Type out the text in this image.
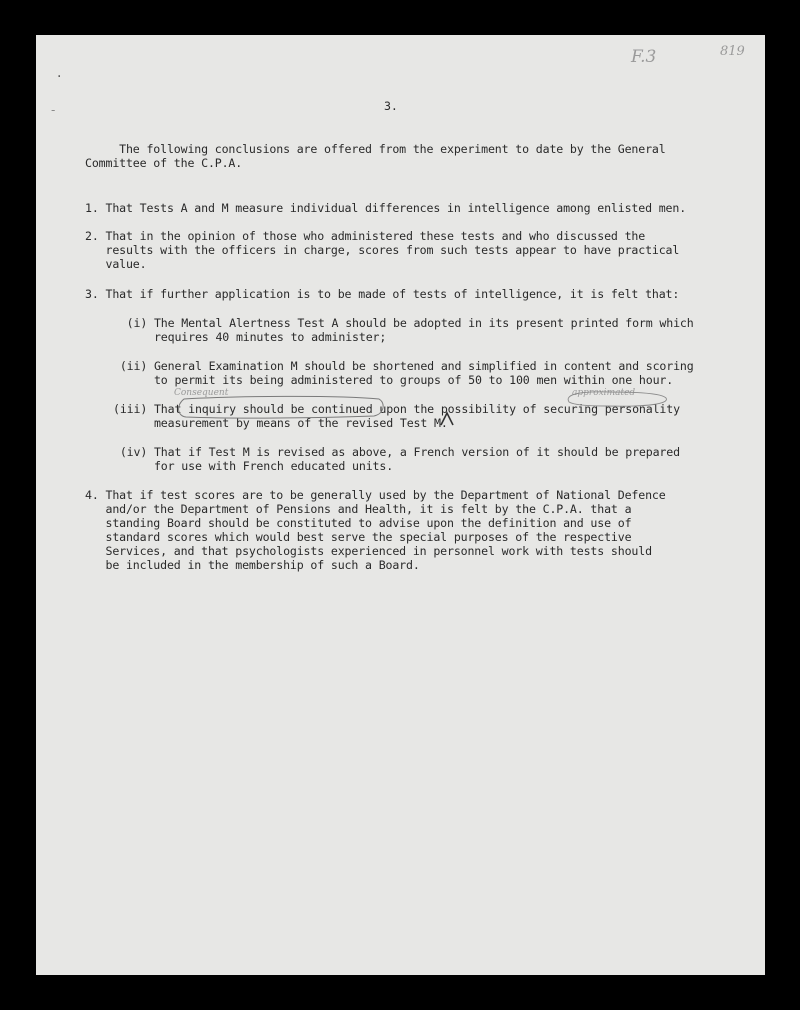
F.3	819
3.
The following conclusions are offered from the experiment to date by the General
Committee of the C.P.A.
1. That Tests A and M measure individual differences in intelligence among enlisted men.
2. That in the opinion of those who administered these tests and who discussed the
results with the officers in charge, scores from such tests appear to have practical
value.
3. That if further application is to be made of tests of intelligence, it is felt that:
(i) The Mental Alertness Test A should be adopted in its present printed form which
requires 40 minutes to administer;
(ii) General Examination M should be shortened and simplified in content and scoring
to permit its being administered to groups of 50 to 100 men within one hour.
(iii) That inquiry should be continued upon the possibility of securing personality
measurement by means of the revised Test M.
Consequent	approximated
(iv) That if Test M is revised as above, a French version of it should be prepared
for use with French educated units.
4. That if test scores are to be generally used by the Department of National Defence
and/or the Department of Pensions and Health, it is felt by the C.P.A. that a
standing Board should be constituted to advise upon the definition and use of
standard scores which would best serve the special purposes of the respective
Services, and that psychologists experienced in personnel work with tests should
be included in the membership of such a Board.
·
-
